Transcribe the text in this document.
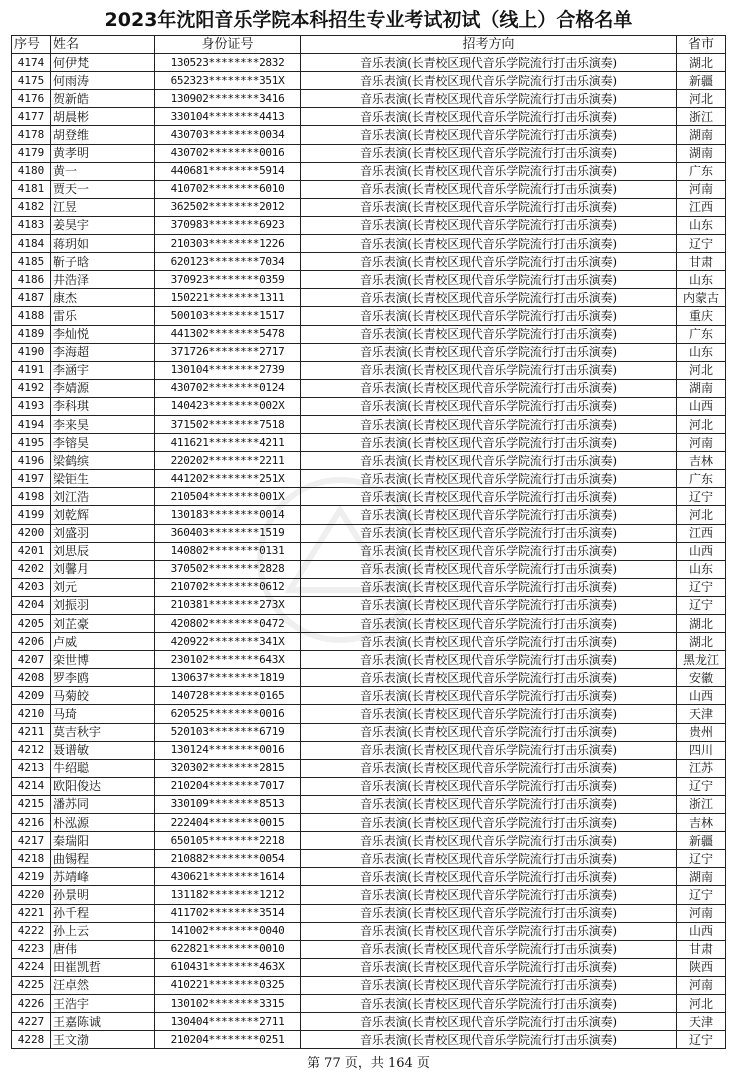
2023年沈阳音乐学院本科招生专业考试初试（线上）合格名单
序号	姓名	身份证号	招考方向	省市
4174	何伊梵	130523********2832	音乐表演(长青校区现代音乐学院流行打击乐演奏)	湖北
4175	何雨涛	652323********351X	音乐表演(长青校区现代音乐学院流行打击乐演奏)	新疆
4176	贺新皓	130902********3416	音乐表演(长青校区现代音乐学院流行打击乐演奏)	河北
4177	胡晨彬	330104********4413	音乐表演(长青校区现代音乐学院流行打击乐演奏)	浙江
4178	胡登维	430703********0034	音乐表演(长青校区现代音乐学院流行打击乐演奏)	湖南
4179	黄孝明	430702********0016	音乐表演(长青校区现代音乐学院流行打击乐演奏)	湖南
4180	黄一	440681********5914	音乐表演(长青校区现代音乐学院流行打击乐演奏)	广东
4181	贾天一	410702********6010	音乐表演(长青校区现代音乐学院流行打击乐演奏)	河南
4182	江昱	362502********2012	音乐表演(长青校区现代音乐学院流行打击乐演奏)	江西
4183	姜昊宇	370983********6923	音乐表演(长青校区现代音乐学院流行打击乐演奏)	山东
4184	蒋玥如	210303********1226	音乐表演(长青校区现代音乐学院流行打击乐演奏)	辽宁
4185	靳子晗	620123********7034	音乐表演(长青校区现代音乐学院流行打击乐演奏)	甘肃
4186	井浩泽	370923********0359	音乐表演(长青校区现代音乐学院流行打击乐演奏)	山东
4187	康杰	150221********1311	音乐表演(长青校区现代音乐学院流行打击乐演奏)	内蒙古
4188	雷乐	500103********1517	音乐表演(长青校区现代音乐学院流行打击乐演奏)	重庆
4189	李灿悦	441302********5478	音乐表演(长青校区现代音乐学院流行打击乐演奏)	广东
4190	李海超	371726********2717	音乐表演(长青校区现代音乐学院流行打击乐演奏)	山东
4191	李涵宇	130104********2739	音乐表演(长青校区现代音乐学院流行打击乐演奏)	河北
4192	李婧源	430702********0124	音乐表演(长青校区现代音乐学院流行打击乐演奏)	湖南
4193	李科琪	140423********002X	音乐表演(长青校区现代音乐学院流行打击乐演奏)	山西
4194	李来昊	371502********7518	音乐表演(长青校区现代音乐学院流行打击乐演奏)	河北
4195	李镕昊	411621********4211	音乐表演(长青校区现代音乐学院流行打击乐演奏)	河南
4196	梁鹤缤	220202********2211	音乐表演(长青校区现代音乐学院流行打击乐演奏)	吉林
4197	梁钜生	441202********251X	音乐表演(长青校区现代音乐学院流行打击乐演奏)	广东
4198	刘江浩	210504********001X	音乐表演(长青校区现代音乐学院流行打击乐演奏)	辽宁
4199	刘乾辉	130183********0014	音乐表演(长青校区现代音乐学院流行打击乐演奏)	河北
4200	刘盛羽	360403********1519	音乐表演(长青校区现代音乐学院流行打击乐演奏)	江西
4201	刘思辰	140802********0131	音乐表演(长青校区现代音乐学院流行打击乐演奏)	山西
4202	刘馨月	370502********2828	音乐表演(长青校区现代音乐学院流行打击乐演奏)	山东
4203	刘元	210702********0612	音乐表演(长青校区现代音乐学院流行打击乐演奏)	辽宁
4204	刘振羽	210381********273X	音乐表演(长青校区现代音乐学院流行打击乐演奏)	辽宁
4205	刘芷豪	420802********0472	音乐表演(长青校区现代音乐学院流行打击乐演奏)	湖北
4206	卢威	420922********341X	音乐表演(长青校区现代音乐学院流行打击乐演奏)	湖北
4207	栾世博	230102********643X	音乐表演(长青校区现代音乐学院流行打击乐演奏)	黑龙江
4208	罗李鸥	130637********1819	音乐表演(长青校区现代音乐学院流行打击乐演奏)	安徽
4209	马菊皎	140728********0165	音乐表演(长青校区现代音乐学院流行打击乐演奏)	山西
4210	马琦	620525********0016	音乐表演(长青校区现代音乐学院流行打击乐演奏)	天津
4211	莫吉秋宇	520103********6719	音乐表演(长青校区现代音乐学院流行打击乐演奏)	贵州
4212	聂谱敏	130124********0016	音乐表演(长青校区现代音乐学院流行打击乐演奏)	四川
4213	牛绍聪	320302********2815	音乐表演(长青校区现代音乐学院流行打击乐演奏)	江苏
4214	欧阳俊达	210204********7017	音乐表演(长青校区现代音乐学院流行打击乐演奏)	辽宁
4215	潘苏同	330109********8513	音乐表演(长青校区现代音乐学院流行打击乐演奏)	浙江
4216	朴泓源	222404********0015	音乐表演(长青校区现代音乐学院流行打击乐演奏)	吉林
4217	秦瑞阳	650105********2218	音乐表演(长青校区现代音乐学院流行打击乐演奏)	新疆
4218	曲锡程	210882********0054	音乐表演(长青校区现代音乐学院流行打击乐演奏)	辽宁
4219	苏靖峰	430621********1614	音乐表演(长青校区现代音乐学院流行打击乐演奏)	湖南
4220	孙景明	131182********1212	音乐表演(长青校区现代音乐学院流行打击乐演奏)	辽宁
4221	孙千程	411702********3514	音乐表演(长青校区现代音乐学院流行打击乐演奏)	河南
4222	孙上云	141002********0040	音乐表演(长青校区现代音乐学院流行打击乐演奏)	山西
4223	唐伟	622821********0010	音乐表演(长青校区现代音乐学院流行打击乐演奏)	甘肃
4224	田崔凯哲	610431********463X	音乐表演(长青校区现代音乐学院流行打击乐演奏)	陕西
4225	汪卓然	410221********0325	音乐表演(长青校区现代音乐学院流行打击乐演奏)	河南
4226	王浩宇	130102********3315	音乐表演(长青校区现代音乐学院流行打击乐演奏)	河北
4227	王嘉陈诚	130404********2711	音乐表演(长青校区现代音乐学院流行打击乐演奏)	天津
4228	王文渤	210204********0251	音乐表演(长青校区现代音乐学院流行打击乐演奏)	辽宁
第 77 页，共 164 页
